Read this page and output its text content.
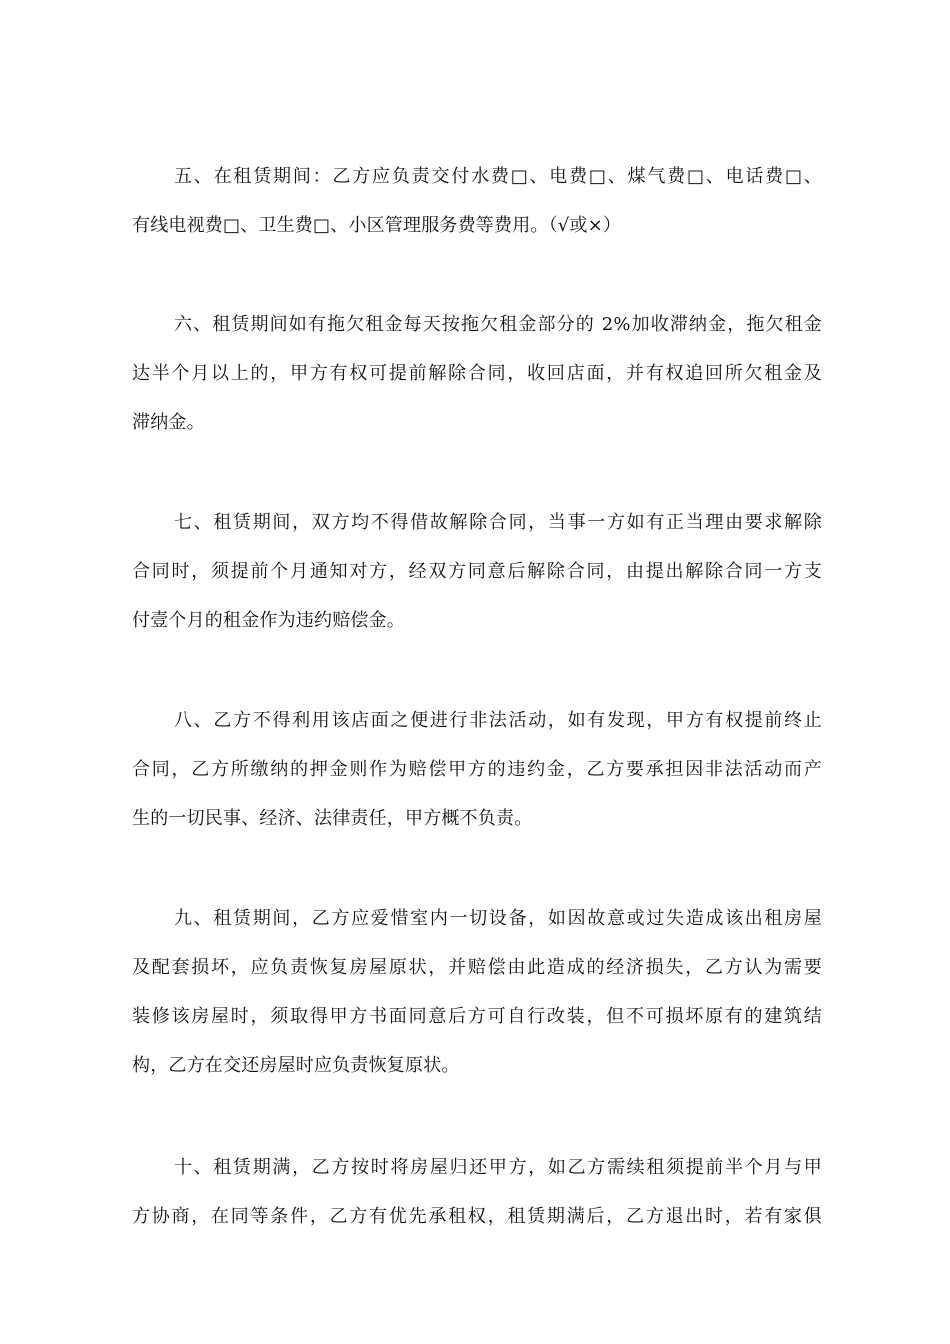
五、在租赁期间：乙方应负责交付水费□、电费□、煤气费□、电话费□、
有线电视费□、卫生费□、小区管理服务费等费用。（√或×）
六、租赁期间如有拖欠租金每天按拖欠租金部分的 2%加收滞纳金，拖欠租金
达半个月以上的，甲方有权可提前解除合同，收回店面，并有权追回所欠租金及
滞纳金。
七、租赁期间，双方均不得借故解除合同，当事一方如有正当理由要求解除
合同时，须提前个月通知对方，经双方同意后解除合同，由提出解除合同一方支
付壹个月的租金作为违约赔偿金。
八、乙方不得利用该店面之便进行非法活动，如有发现，甲方有权提前终止
合同，乙方所缴纳的押金则作为赔偿甲方的违约金，乙方要承担因非法活动而产
生的一切民事、经济、法律责任，甲方概不负责。
九、租赁期间，乙方应爱惜室内一切设备，如因故意或过失造成该出租房屋
及配套损坏，应负责恢复房屋原状，并赔偿由此造成的经济损失，乙方认为需要
装修该房屋时，须取得甲方书面同意后方可自行改装，但不可损坏原有的建筑结
构，乙方在交还房屋时应负责恢复原状。
十、租赁期满，乙方按时将房屋归还甲方，如乙方需续租须提前半个月与甲
方协商，在同等条件，乙方有优先承租权，租赁期满后，乙方退出时，若有家俱
